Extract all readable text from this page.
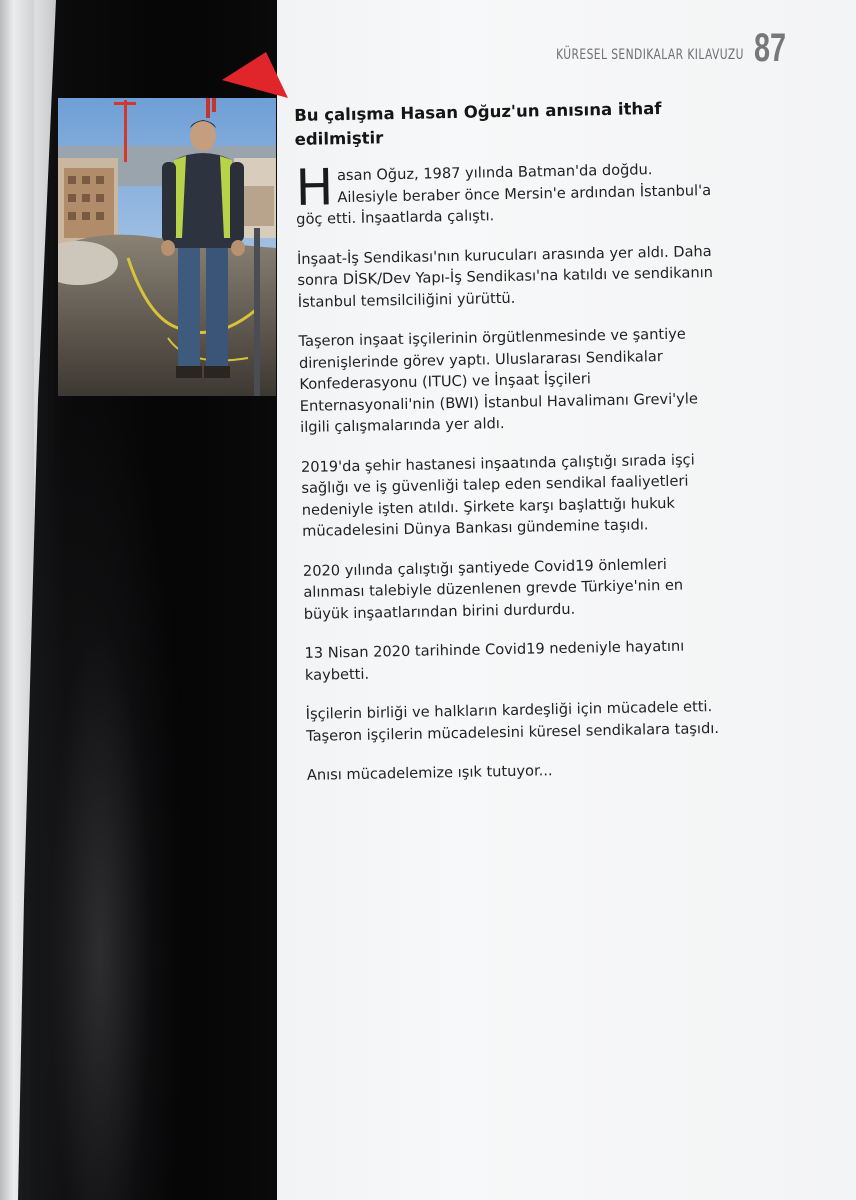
KÜRESEL SENDIKALAR KILAVUZU 87

Bu çalışma Hasan Oğuz'un anısına ithaf edilmiştir

Hasan Oğuz, 1987 yılında Batman'da doğdu. Ailesiyle beraber önce Mersin'e ardından İstanbul'a göç etti. İnşaatlarda çalıştı.

İnşaat-İş Sendikası'nın kurucuları arasında yer aldı. Daha sonra DİSK/Dev Yapı-İş Sendikası'na katıldı ve sendikanın İstanbul temsilciliğini yürüttü.

Taşeron inşaat işçilerinin örgütlenmesinde ve şantiye direnişlerinde görev yaptı. Uluslararası Sendikalar Konfederasyonu (ITUC) ve İnşaat İşçileri Enternasyonali'nin (BWI) İstanbul Havalimanı Grevi'yle ilgili çalışmalarında yer aldı.

2019'da şehir hastanesi inşaatında çalıştığı sırada işçi sağlığı ve iş güvenliği talep eden sendikal faaliyetleri nedeniyle işten atıldı. Şirkete karşı başlattığı hukuk mücadelesini Dünya Bankası gündemine taşıdı.

2020 yılında çalıştığı şantiyede Covid19 önlemleri alınması talebiyle düzenlenen grevde Türkiye'nin en büyük inşaatlarından birini durdurdu.

13 Nisan 2020 tarihinde Covid19 nedeniyle hayatını kaybetti.

İşçilerin birliği ve halkların kardeşliği için mücadele etti. Taşeron işçilerin mücadelesini küresel sendikalara taşıdı.

Anısı mücadelemize ışık tutuyor...
